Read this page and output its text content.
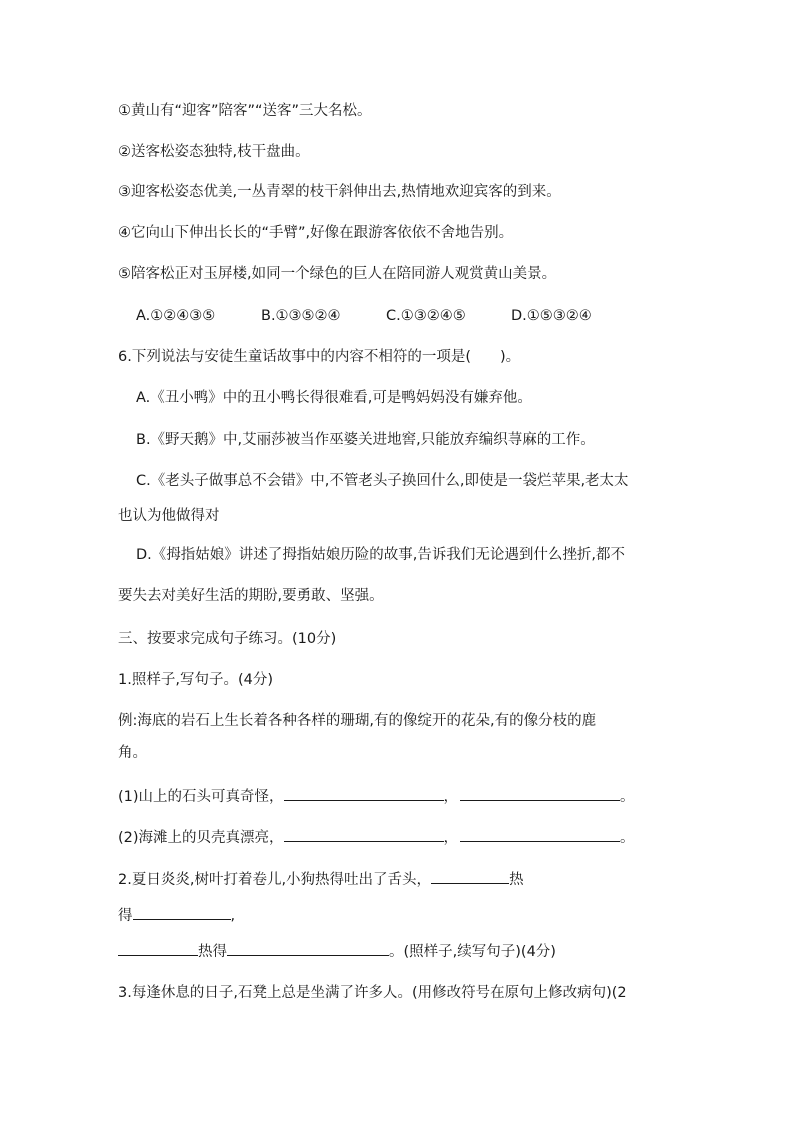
①黄山有“迎客”陪客”“送客”三大名松。
②送客松姿态独特,枝干盘曲。
③迎客松姿态优美,一丛青翠的枝干斜伸出去,热情地欢迎宾客的到来。
④它向山下伸出长长的“手臂”,好像在跟游客依依不舍地告别。
⑤陪客松正对玉屏楼,如同一个绿色的巨人在陪同游人观赏黄山美景。
A.①②④③⑤	B.①③⑤②④	C.①③②④⑤	D.①⑤③②④
6.下列说法与安徒生童话故事中的内容不相符的一项是(　　)。
A.《丑小鸭》中的丑小鸭长得很难看,可是鸭妈妈没有嫌弃他。
B.《野天鹅》中,艾丽莎被当作巫婆关进地窖,只能放弃编织荨麻的工作。
C.《老头子做事总不会错》中,不管老头子换回什么,即使是一袋烂苹果,老太太
也认为他做得对
D.《拇指姑娘》讲述了拇指姑娘历险的故事,告诉我们无论遇到什么挫折,都不
要失去对美好生活的期盼,要勇敢、坚强。
三、按要求完成句子练习。(10分)
1.照样子,写句子。(4分)
例:海底的岩石上生长着各种各样的珊瑚,有的像绽开的花朵,有的像分枝的鹿
角。
(1)山上的石头可真奇怪，	，	。
(2)海滩上的贝壳真漂亮，	，	。
2.夏日炎炎,树叶打着卷儿,小狗热得吐出了舌头，	热
得	,
热得	。(照样子,续写句子)(4分)
3.每逢休息的日子,石凳上总是坐满了许多人。(用修改符号在原句上修改病句)(2
